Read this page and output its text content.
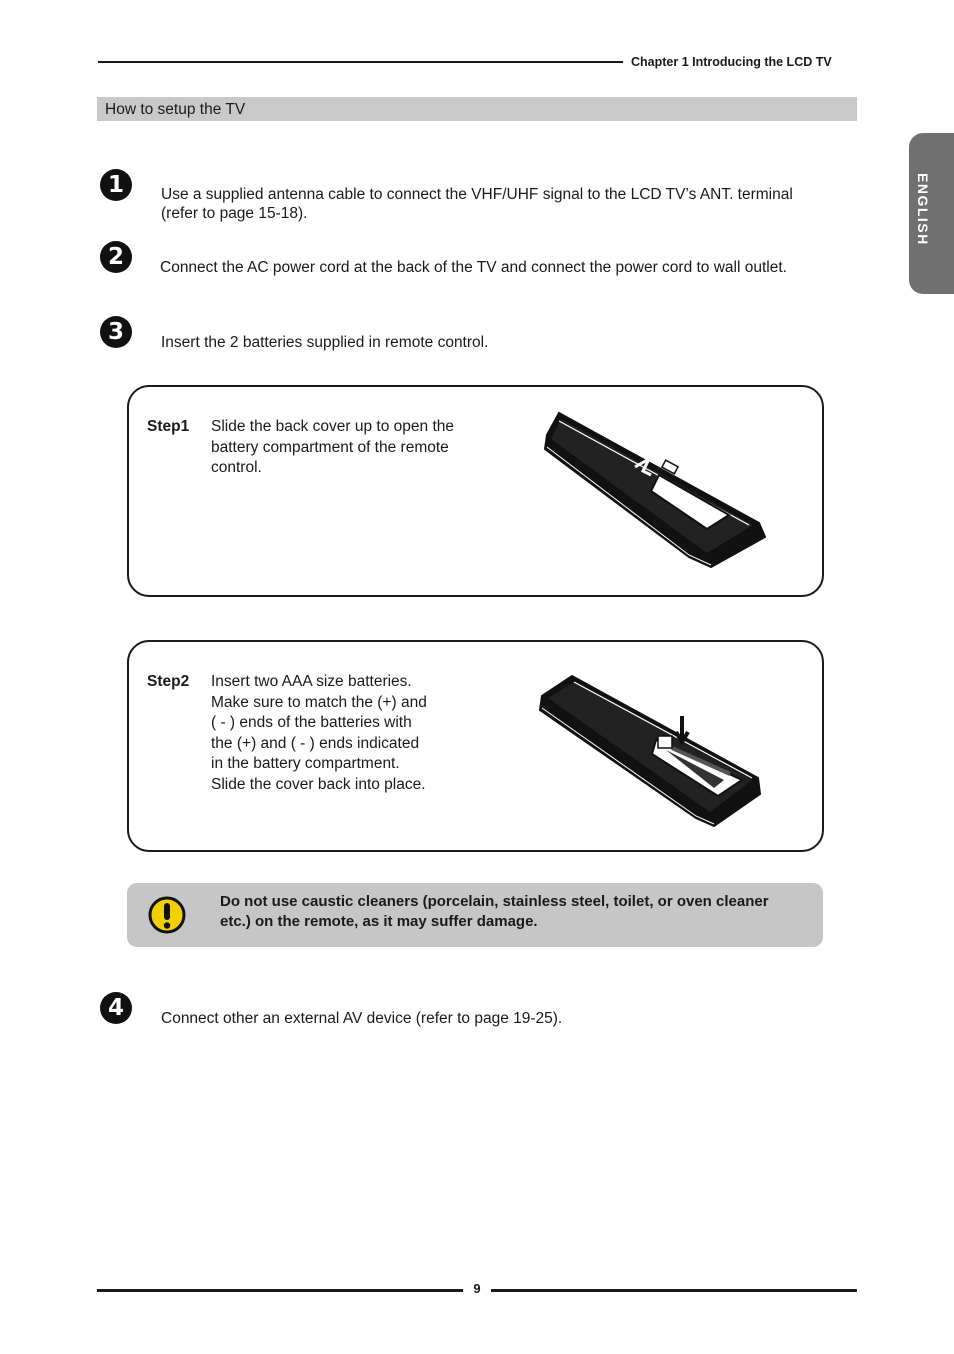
Chapter 1 Introducing the LCD TV
How to setup the TV
ENGLISH
1	Use a supplied antenna cable to connect the VHF/UHF signal to the LCD TV’s ANT. terminal
(refer to page 15-18).
2	Connect the AC power cord at the back of the TV and connect the power cord to wall outlet.
3	Insert the 2 batteries supplied in remote control.
Step1 Slide the back cover up to open the
battery compartment of the remote
control.
Step2 Insert two AAA size batteries.
Make sure to match the (+) and
( - ) ends of the batteries with
the (+) and ( - ) ends indicated
in the battery compartment.
Slide the cover back into place.
Do not use caustic cleaners (porcelain, stainless steel, toilet, or oven cleaner
etc.) on the remote, as it may suffer damage.
4	Connect other an external AV device (refer to page 19-25).
9
